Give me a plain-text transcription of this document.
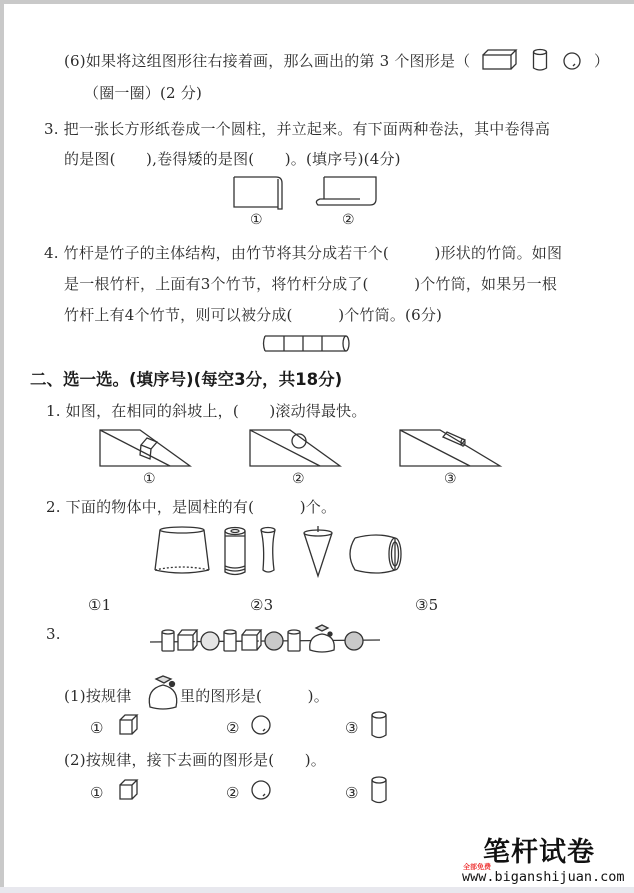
(6)如果将这组图形往右接着画，那么画出的第 3 个图形是（	）
（圈一圈）(2 分)
3. 把一张长方形纸卷成一个圆柱，并立起来。有下面两种卷法，其中卷得高
的是图(　　),卷得矮的是图(　　)。(填序号)(4分)
①	②
4. 竹杆是竹子的主体结构，由竹节将其分成若干个(　　　)形状的竹筒。如图
是一根竹杆，上面有3个竹节，将竹杆分成了(　　　)个竹筒，如果另一根
竹杆上有4个竹节，则可以被分成(　　　)个竹筒。(6分)
二、选一选。(填序号)(每空3分，共18分)
1. 如图，在相同的斜坡上，(　　)滚动得最快。
①	②	③
2. 下面的物体中，是圆柱的有(　　　)个。
①1	②3	③5
3.
(1)按规律	里的图形是(　　　)。
①	②	③
(2)按规律，接下去画的图形是(　　)。
①	②	③
笔杆试卷
全部免费
www.biganshijuan.com
